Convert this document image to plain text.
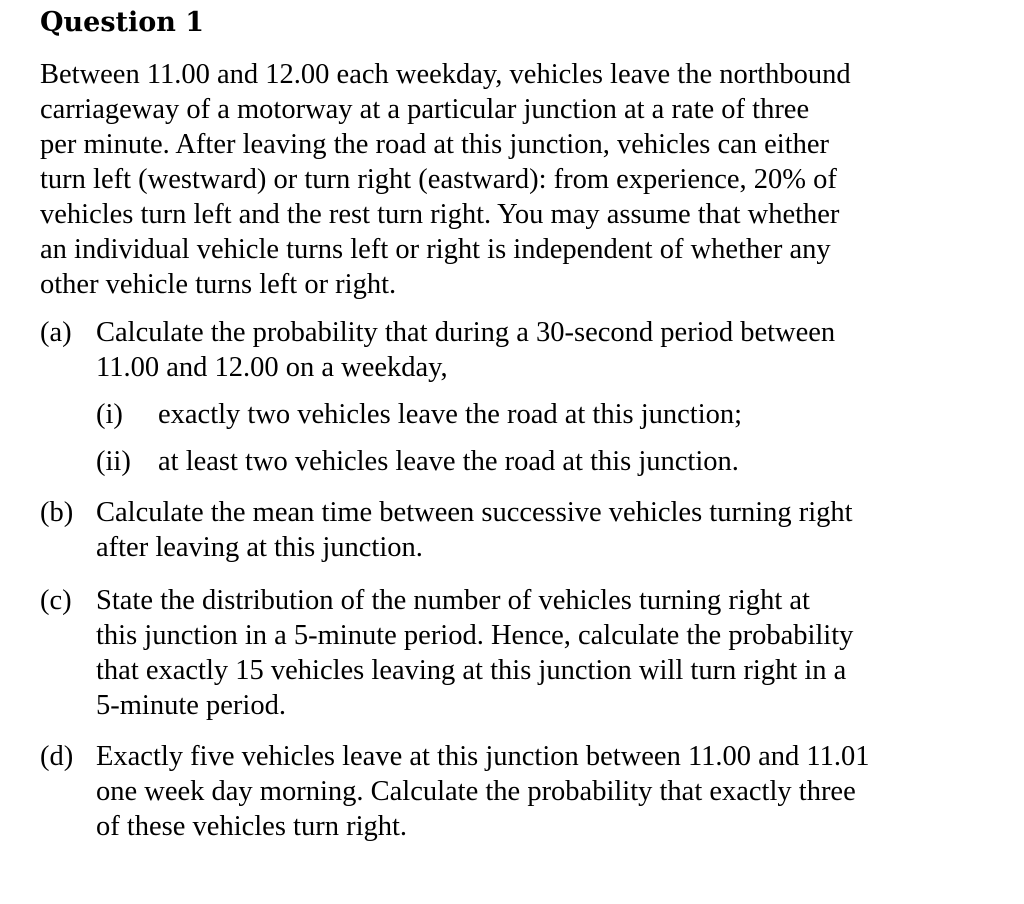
Question 1
Between 11.00 and 12.00 each weekday, vehicles leave the northbound
carriageway of a motorway at a particular junction at a rate of three
per minute. After leaving the road at this junction, vehicles can either
turn left (westward) or turn right (eastward): from experience, 20% of
vehicles turn left and the rest turn right. You may assume that whether
an individual vehicle turns left or right is independent of whether any
other vehicle turns left or right.
(a) Calculate the probability that during a 30-second period between
11.00 and 12.00 on a weekday,
(i) exactly two vehicles leave the road at this junction;
(ii) at least two vehicles leave the road at this junction.
(b) Calculate the mean time between successive vehicles turning right
after leaving at this junction.
(c) State the distribution of the number of vehicles turning right at
this junction in a 5-minute period. Hence, calculate the probability
that exactly 15 vehicles leaving at this junction will turn right in a
5-minute period.
(d) Exactly five vehicles leave at this junction between 11.00 and 11.01
one week day morning. Calculate the probability that exactly three
of these vehicles turn right.
